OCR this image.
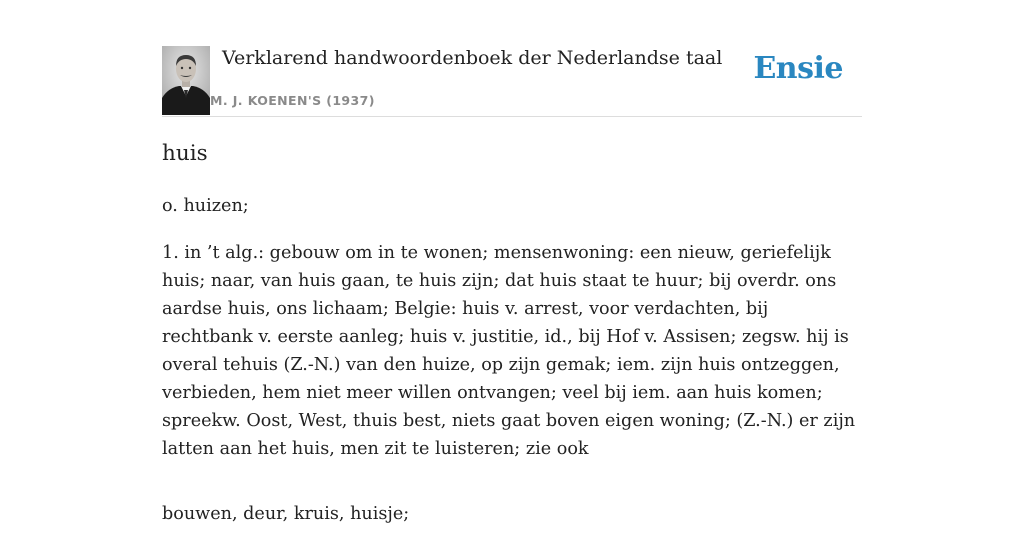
Verklarend handwoordenboek der Nederlandse taal
M. J. KOENEN'S (1937)
Ensie
huis

o. huizen;

1. in ’t alg.: gebouw om in te wonen; mensenwoning: een nieuw, geriefelijk huis; naar, van huis gaan, te huis zijn; dat huis staat te huur; bij overdr. ons aardse huis, ons lichaam; Belgie: huis v. arrest, voor verdachten, bij rechtbank v. eerste aanleg; huis v. justitie, id., bij Hof v. Assisen; zegsw. hij is overal tehuis (Z.-N.) van den huize, op zijn gemak; iem. zijn huis ontzeggen, verbieden, hem niet meer willen ontvangen; veel bij iem. aan huis komen; spreekw. Oost, West, thuis best, niets gaat boven eigen woning; (Z.-N.) er zijn latten aan het huis, men zit te luisteren; zie ook

bouwen, deur, kruis, huisje;
